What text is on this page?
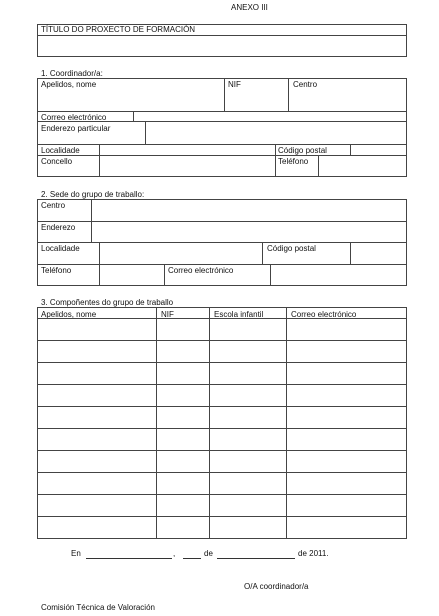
ANEXO III
TÍTULO DO PROXECTO DE FORMACIÓN
1. Coordinador/a:
Apelidos, nome	NIF	Centro
Correo electrónico
Enderezo particular
Localidade	Código postal
Concello	Teléfono
2. Sede do grupo de traballo:
Centro
Enderezo
Localidade	Código postal
Teléfono	Correo electrónico
3. Compoñentes do grupo de traballo
Apelidos, nome	NIF	Escola infantil	Correo electrónico
En	,	de	de 2011.
O/A coordinador/a
Comisión Técnica de Valoración
